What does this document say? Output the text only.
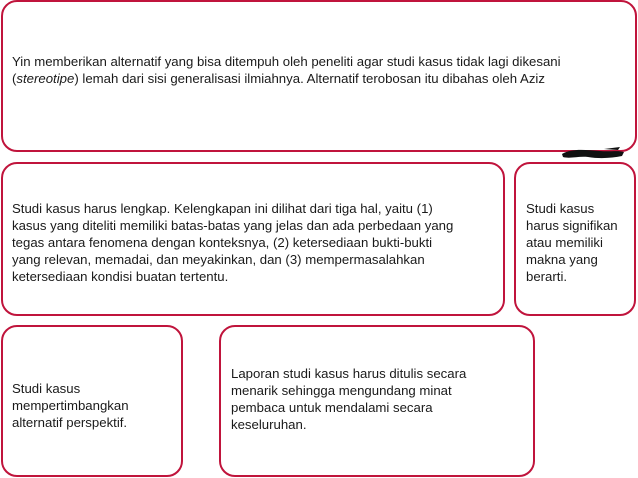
Yin memberikan alternatif yang bisa ditempuh oleh peneliti agar studi kasus tidak lagi dikesani
(stereotipe) lemah dari sisi generalisasi ilmiahnya. Alternatif terobosan itu dibahas oleh Aziz
Studi kasus harus lengkap. Kelengkapan ini dilihat dari tiga hal, yaitu (1)
kasus yang diteliti memiliki batas-batas yang jelas dan ada perbedaan yang
tegas antara fenomena dengan konteksnya, (2) ketersediaan bukti-bukti
yang relevan, memadai, dan meyakinkan, dan (3) mempermasalahkan
ketersediaan kondisi buatan tertentu.
Studi kasus
harus signifikan
atau memiliki
makna yang
berarti.
Studi kasus
mempertimbangkan
alternatif perspektif.
Laporan studi kasus harus ditulis secara
menarik sehingga mengundang minat
pembaca untuk mendalami secara
keseluruhan.
